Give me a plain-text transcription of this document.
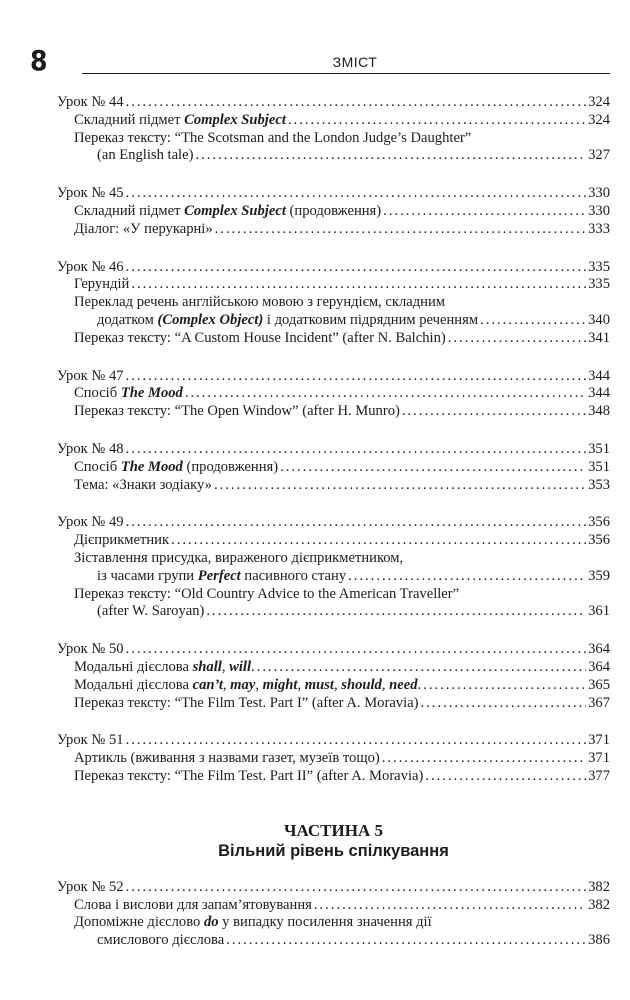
8	ЗМІСТ
Урок № 44 .....	324
Складний підмет Complex Subject .....	324
Переказ тексту: “The Scotsman and the London Judge’s Daughter”
(an English tale) .....	327
Урок № 45 .....	330
Складний підмет Complex Subject (продовження) .....	330
Діалог: «У перукарні» .....	333
Урок № 46 .....	335
Герундій .....	335
Переклад речень англійською мовою з герундієм, складним
додатком (Complex Object) і додатковим підрядним реченням .....	340
Переказ тексту: “A Custom House Incident” (after N. Balchin) .....	341
Урок № 47 .....	344
Спосіб The Mood .....	344
Переказ тексту: “The Open Window” (after H. Munro) .....	348
Урок № 48 .....	351
Спосіб The Mood (продовження) .....	351
Тема: «Знаки зодіаку» .....	353
Урок № 49 .....	356
Дієприкметник .....	356
Зіставлення присудка, вираженого дієприкметником,
із часами групи Perfect пасивного стану .....	359
Переказ тексту: “Old Country Advice to the American Traveller”
(after W. Saroyan) .....	361
Урок № 50 .....	364
Модальні дієслова shall, will. .....	364
Модальні дієслова can’t, may, might, must, should, need. .....	365
Переказ тексту: “The Film Test. Part I” (after A. Moravia) .....	367
Урок № 51 .....	371
Артикль (вживання з назвами газет, музеїв тощо) .....	371
Переказ тексту: “The Film Test. Part II” (after A. Moravia) .....	377
ЧАСТИНА 5
Вільний рівень спілкування
Урок № 52 .....	382
Слова і вислови для запам’ятовування .....	382
Допоміжне дієслово do у випадку посилення значення дії
смислового дієслова .....	386
